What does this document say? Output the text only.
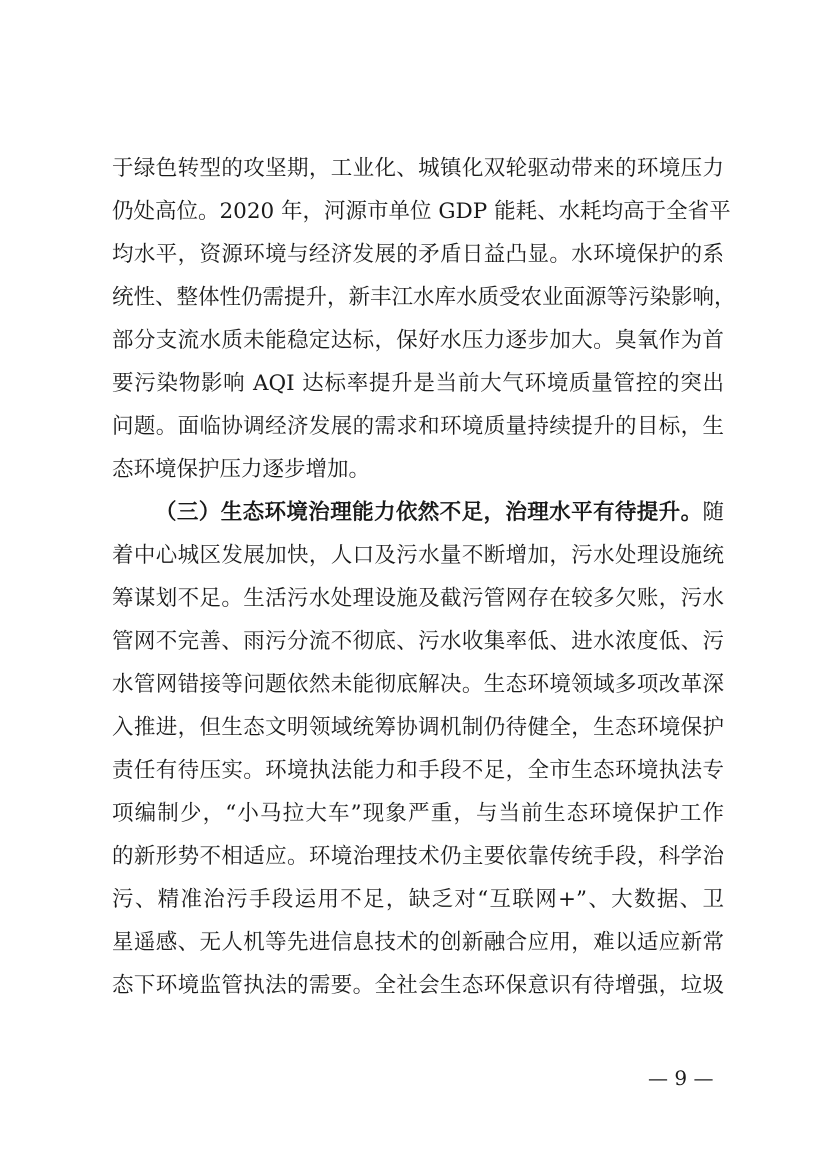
于绿色转型的攻坚期，工业化、城镇化双轮驱动带来的环境压力
仍处高位。2020 年，河源市单位 GDP 能耗、水耗均高于全省平
均水平，资源环境与经济发展的矛盾日益凸显。水环境保护的系
统性、整体性仍需提升，新丰江水库水质受农业面源等污染影响，
部分支流水质未能稳定达标，保好水压力逐步加大。臭氧作为首
要污染物影响 AQI 达标率提升是当前大气环境质量管控的突出
问题。面临协调经济发展的需求和环境质量持续提升的目标，生
态环境保护压力逐步增加。
（三）生态环境治理能力依然不足，治理水平有待提升。随
着中心城区发展加快，人口及污水量不断增加，污水处理设施统
筹谋划不足。生活污水处理设施及截污管网存在较多欠账，污水
管网不完善、雨污分流不彻底、污水收集率低、进水浓度低、污
水管网错接等问题依然未能彻底解决。生态环境领域多项改革深
入推进，但生态文明领域统筹协调机制仍待健全，生态环境保护
责任有待压实。环境执法能力和手段不足，全市生态环境执法专
项编制少，“小马拉大车”现象严重，与当前生态环境保护工作
的新形势不相适应。环境治理技术仍主要依靠传统手段，科学治
污、精准治污手段运用不足，缺乏对“互联网+”、大数据、卫
星遥感、无人机等先进信息技术的创新融合应用，难以适应新常
态下环境监管执法的需要。全社会生态环保意识有待增强，垃圾
— 9 —
